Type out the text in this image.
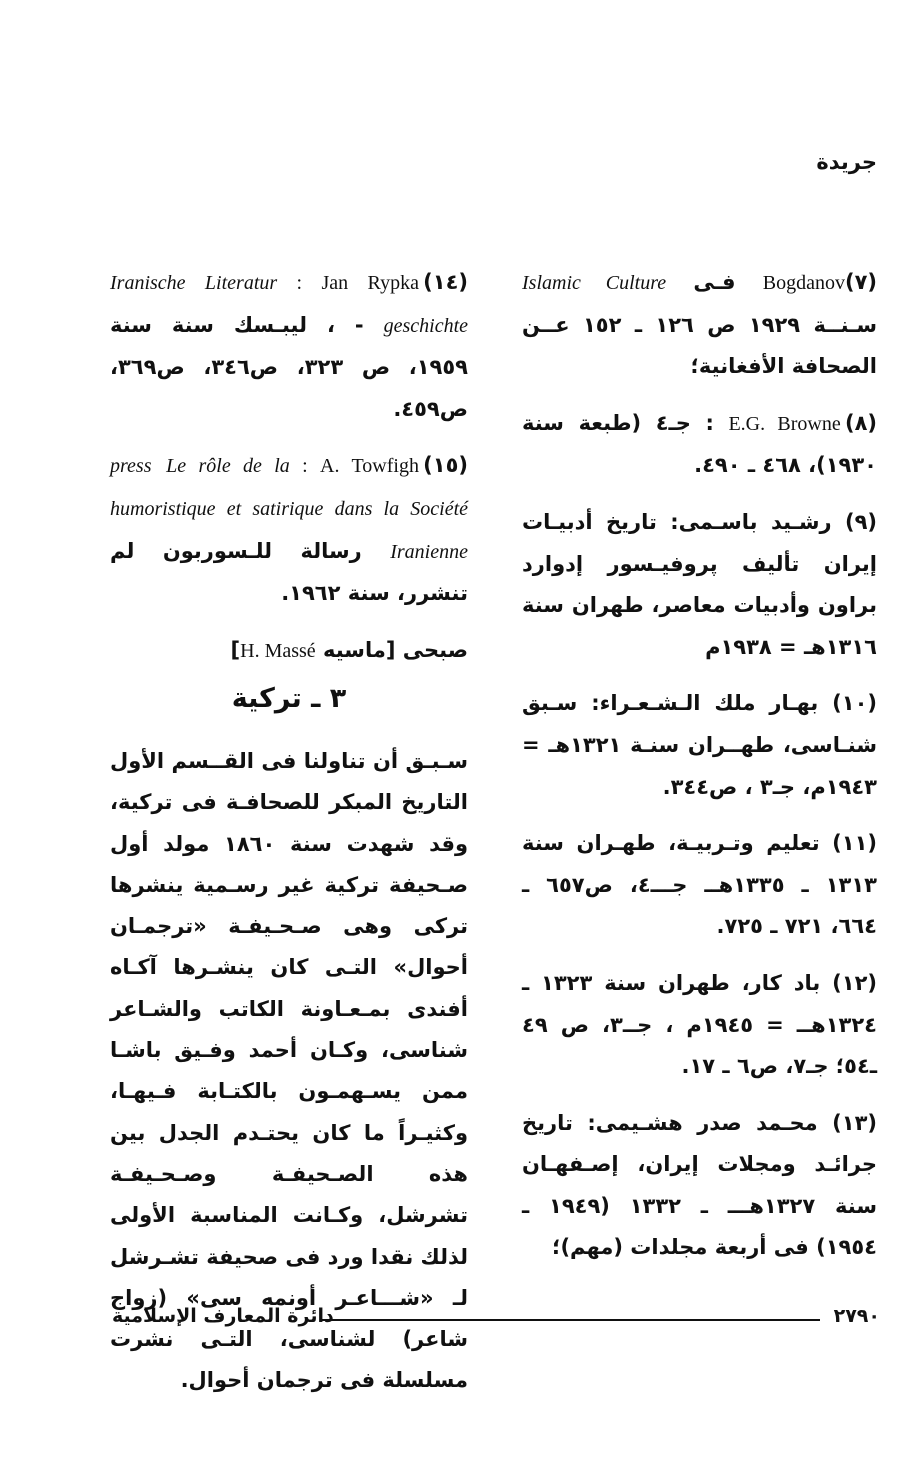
جريدة

(٧)Bogdanov فـى Islamic Culture سـنــة ١٩٢٩ ص ١٢٦ ـ ١٥٢ عــن الصحافة الأفغانية؛

(٨) E.G. Browne : جـ٤ (طبعة سنة ١٩٣٠)، ٤٦٨ ـ ٤٩٠.

(٩) رشـيد باسـمى: تاريخ أدبيـات إيران تأليف پروفيـسور إدوارد براون وأدبيات معاصر، طهران سنة ١٣١٦هـ = ١٩٣٨م

(١٠) بهـار ملك الـشـعـراء: سـبق شنـاسى، طهــران سنـة ١٣٢١هـ = ١٩٤٣م، جـ٣ ، ص٣٤٤.

(١١) تعليم وتـربيـة، طهـران سنة ١٣١٣ ـ ١٣٣٥هــ جـــ٤، ص٦٥٧ ـ ٦٦٤، ٧٢١ ـ ٧٢٥.

(١٢) باد كار، طهران سنة ١٣٢٣ ـ ١٣٢٤هــ = ١٩٤٥م ، جــ٣، ص ٤٩ ـ٥٤؛ جـ٧، ص٦ ـ ١٧.

(١٣) محـمد صدر هشـيمى: تاريخ جرائـد ومجلات إيران، إصـفهـان سنة ١٣٢٧هـــ ـ ١٣٣٢ (١٩٤٩ ـ ١٩٥٤) فى أربعة مجلدات (مهم)؛

(١٤) Jan Rypka : Iranische Literatur geschichte - ، ليبـسك سنة سنة ١٩٥٩، ص ٣٢٣، ص٣٤٦، ص٣٦٩، ص٤٥٩.

(١٥) A. Towfigh : Le rôle de la press humoristique et satirique dans la Société Iranienne رسالة للـسوربون لم تنشرر، سنة ١٩٦٢.

صبحى [ماسيه H. Massé]

٣ ـ تركية

سـبـق أن تناولنا فى القــسم الأول التاريخ المبكر للصحافـة فى تركية، وقد شهدت سنة ١٨٦٠ مولد أول صـحيفة تركية غير رسـمية ينشرها تركى وهى صـحـيفـة «ترجمـان أحوال» التـى كان ينشـرها آكـاه أفندى بمـعـاونة الكاتب والشـاعر شناسى، وكـان أحمد وفـيق باشـا ممن يسـهمـون بالكتـابة فـيهـا، وكثيـراً ما كان يحتـدم الجدل بين هذه الصـحيفـة وصـحـيفـة تشرشل، وكـانت المناسبة الأولى لذلك نقدا ورد فى صحيفة تشـرشل لـ «شـــاعـر أونمه سى» (زواج شاعر) لشناسى، التـى نشرت مسلسلة فى ترجمان أحوال.

دائرة المعارف الإسلامية	٢٧٩٠
